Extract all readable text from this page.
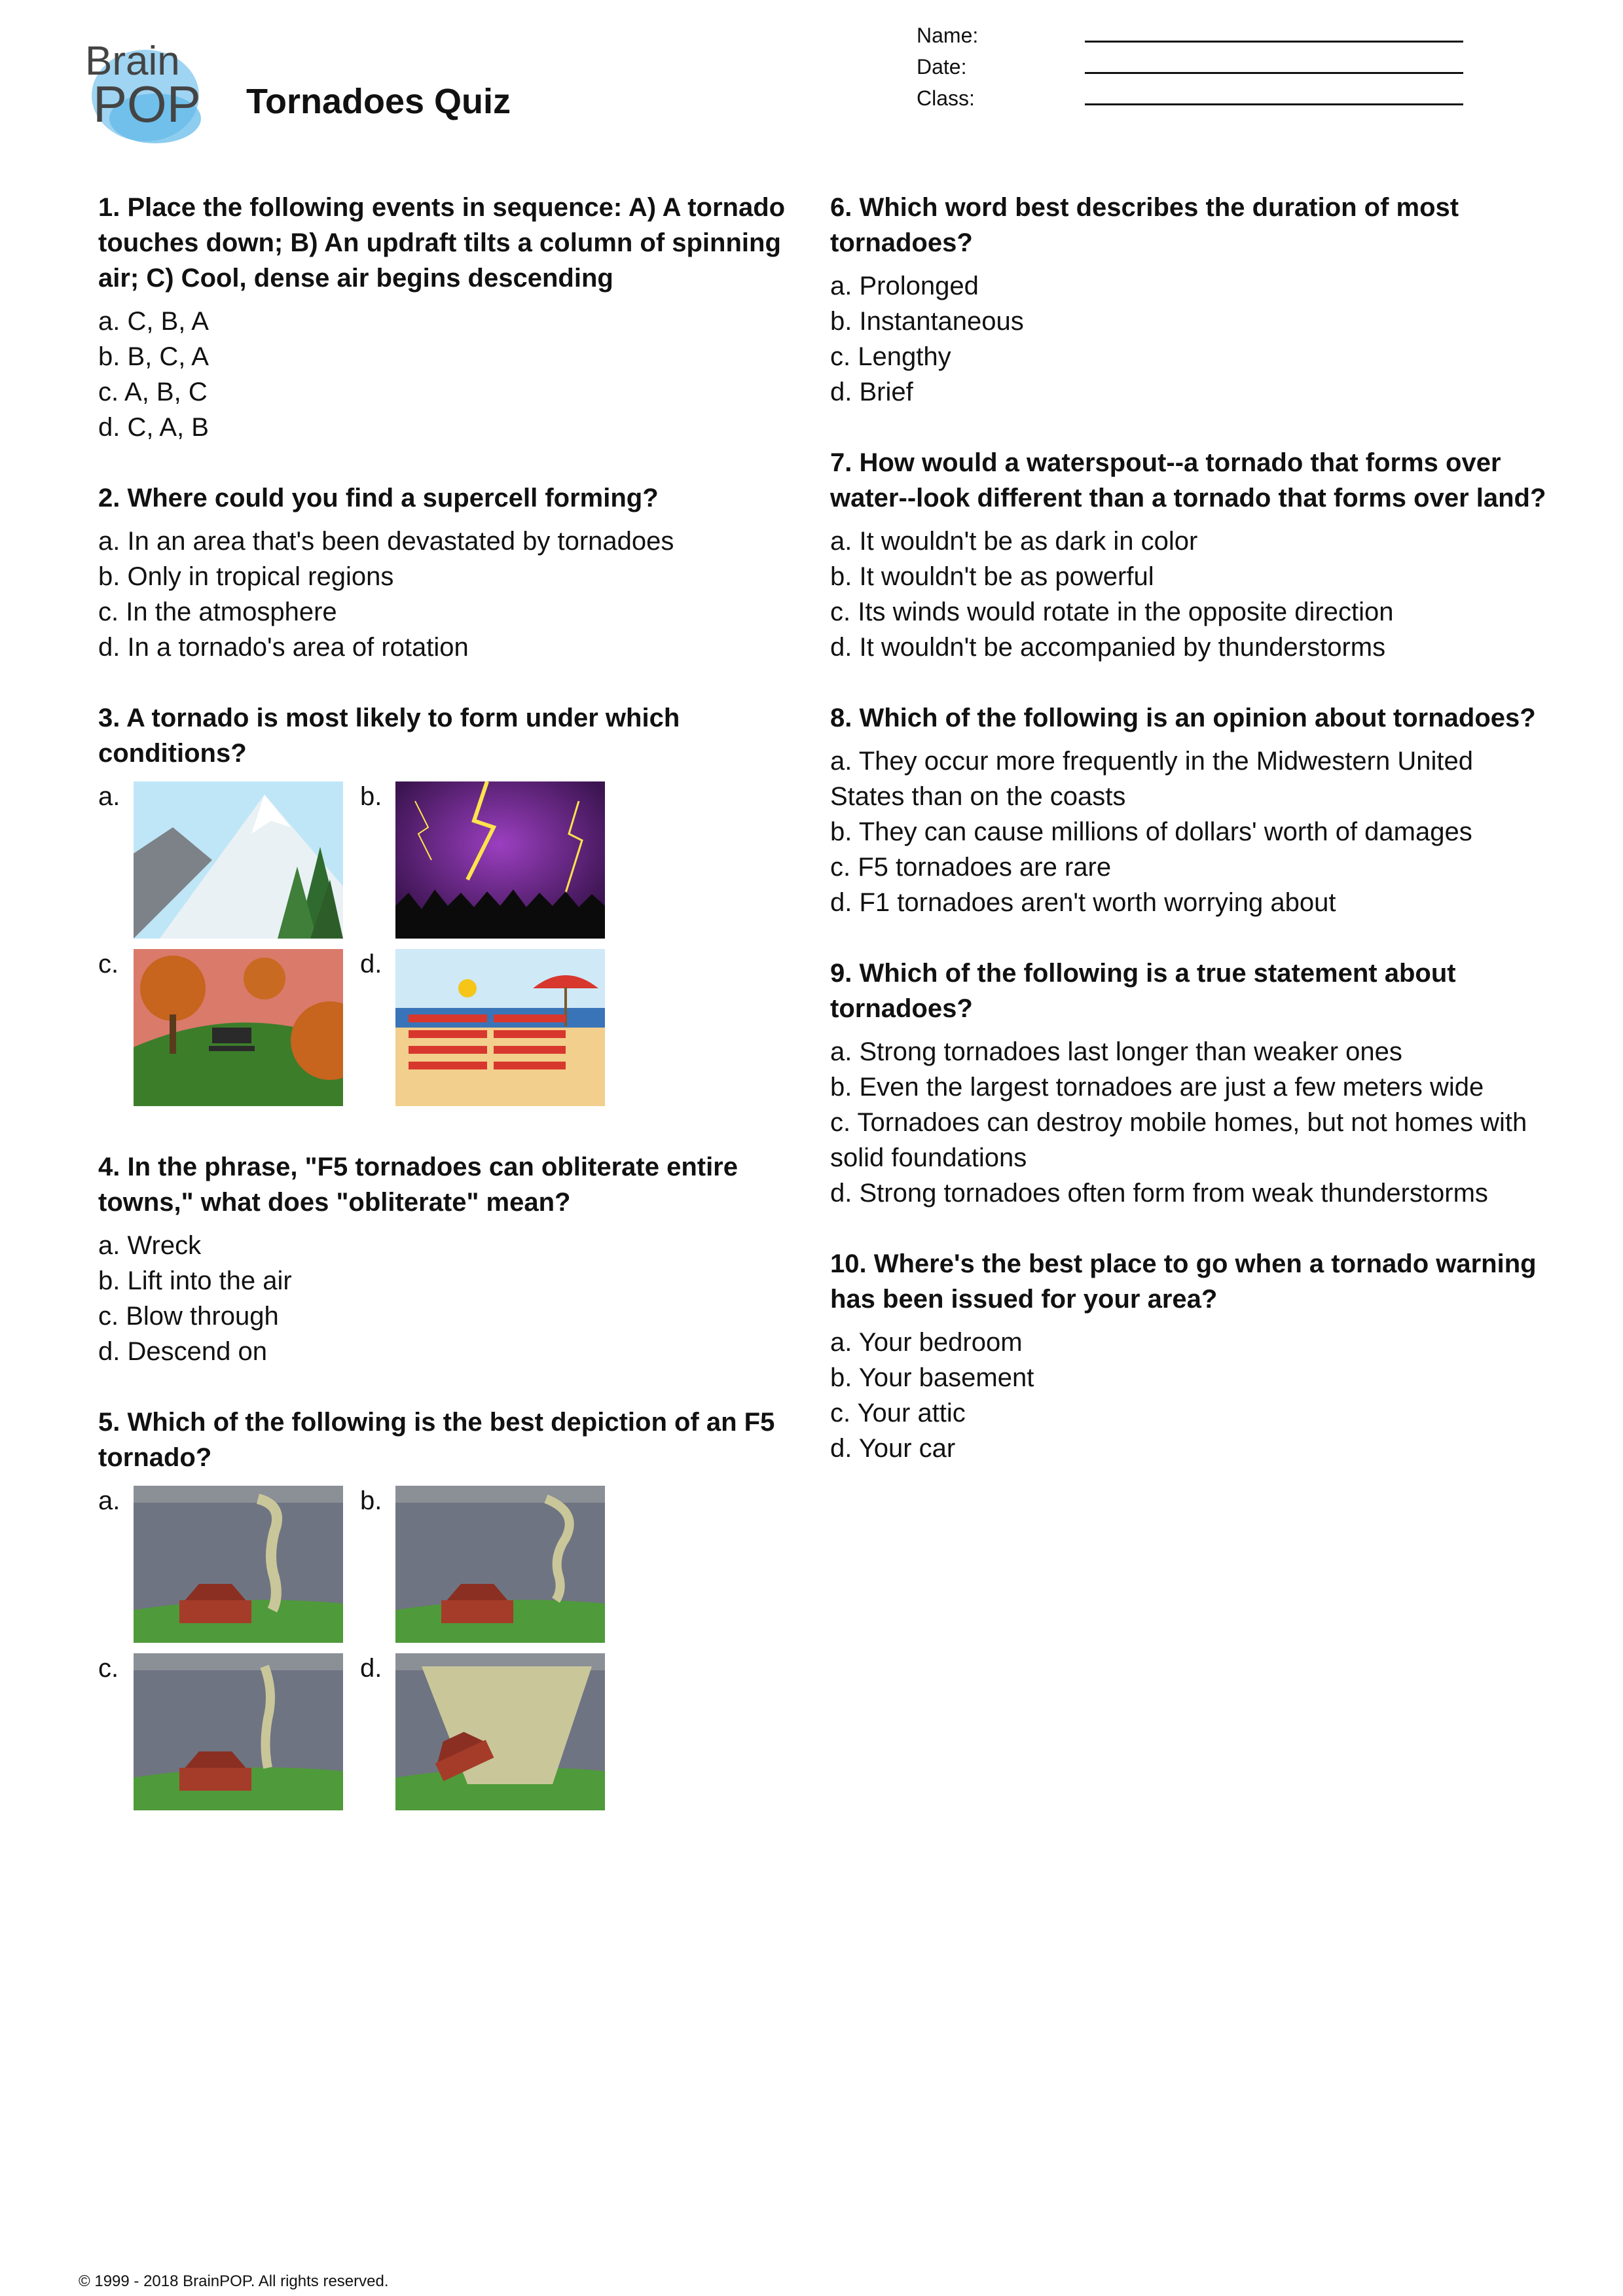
Brain
POP Tornadoes Quiz
Name:
Date:
Class:
1. Place the following events in sequence: A) A tornado touches down; B) An updraft tilts a column of spinning air; C) Cool, dense air begins descending
a. C, B, A
b. B, C, A
c. A, B, C
d. C, A, B
2. Where could you find a supercell forming?
a. In an area that's been devastated by tornadoes
b. Only in tropical regions
c. In the atmosphere
d. In a tornado's area of rotation
3. A tornado is most likely to form under which conditions?
a.	b.
c.	d.
4. In the phrase, "F5 tornadoes can obliterate entire towns," what does "obliterate" mean?
a. Wreck
b. Lift into the air
c. Blow through
d. Descend on
5. Which of the following is the best depiction of an F5 tornado?
a.	b.
c.	d.
6. Which word best describes the duration of most tornadoes?
a. Prolonged
b. Instantaneous
c. Lengthy
d. Brief
7. How would a waterspout--a tornado that forms over water--look different than a tornado that forms over land?
a. It wouldn't be as dark in color
b. It wouldn't be as powerful
c. Its winds would rotate in the opposite direction
d. It wouldn't be accompanied by thunderstorms
8. Which of the following is an opinion about tornadoes?
a. They occur more frequently in the Midwestern United States than on the coasts
b. They can cause millions of dollars' worth of damages
c. F5 tornadoes are rare
d. F1 tornadoes aren't worth worrying about
9. Which of the following is a true statement about tornadoes?
a. Strong tornadoes last longer than weaker ones
b. Even the largest tornadoes are just a few meters wide
c. Tornadoes can destroy mobile homes, but not homes with solid foundations
d. Strong tornadoes often form from weak thunderstorms
10. Where's the best place to go when a tornado warning has been issued for your area?
a. Your bedroom
b. Your basement
c. Your attic
d. Your car
© 1999 - 2018 BrainPOP. All rights reserved.
